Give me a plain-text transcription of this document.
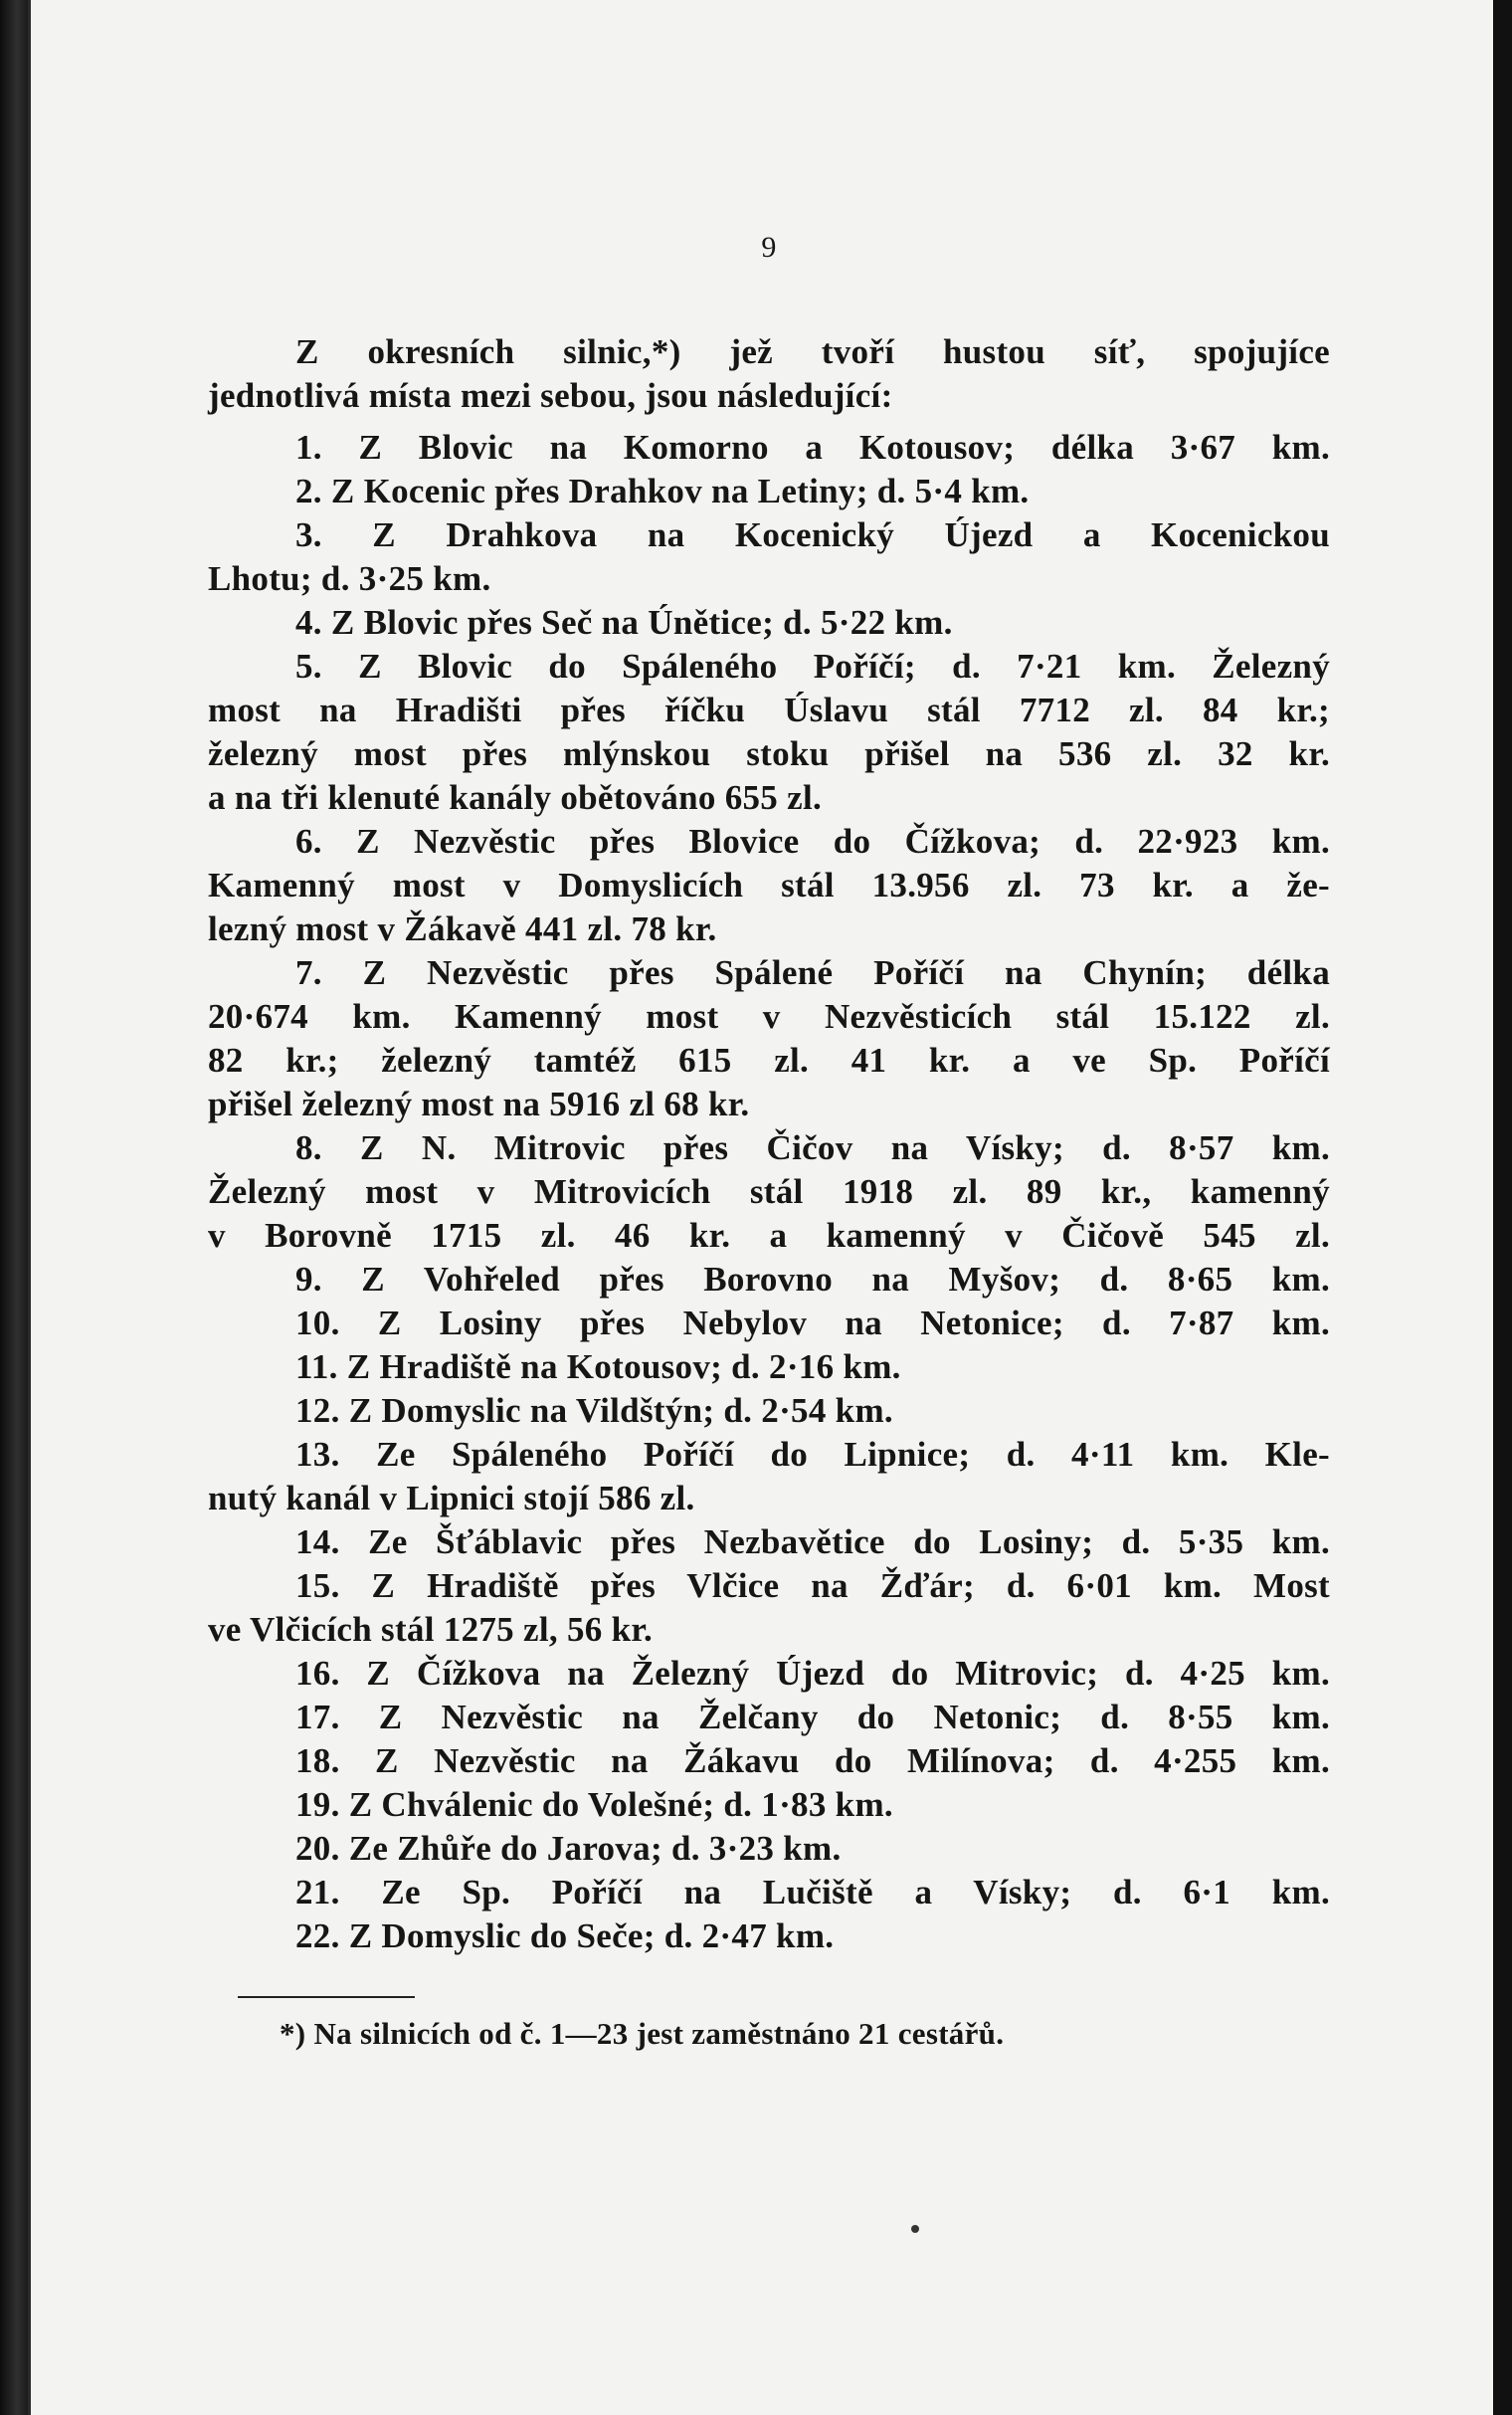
9
Z okresních silnic,*) jež tvoří hustou síť, spojujíce
jednotlivá místa mezi sebou, jsou následující:
1. Z Blovic na Komorno a Kotousov; délka 3·67 km.
2. Z Kocenic přes Drahkov na Letiny; d. 5·4 km.
3. Z Drahkova na Kocenický Újezd a Kocenickou
Lhotu; d. 3·25 km.
4. Z Blovic přes Seč na Únětice; d. 5·22 km.
5. Z Blovic do Spáleného Poříčí; d. 7·21 km. Železný
most na Hradišti přes říčku Úslavu stál 7712 zl. 84 kr.;
železný most přes mlýnskou stoku přišel na 536 zl. 32 kr.
a na tři klenuté kanály obětováno 655 zl.
6. Z Nezvěstic přes Blovice do Čížkova; d. 22·923 km.
Kamenný most v Domyslicích stál 13.956 zl. 73 kr. a že-
lezný most v Žákavě 441 zl. 78 kr.
7. Z Nezvěstic přes Spálené Poříčí na Chynín; délka
20·674 km. Kamenný most v Nezvěsticích stál 15.122 zl.
82 kr.; železný tamtéž 615 zl. 41 kr. a ve Sp. Poříčí
přišel železný most na 5916 zl 68 kr.
8. Z N. Mitrovic přes Čičov na Vísky; d. 8·57 km.
Železný most v Mitrovicích stál 1918 zl. 89 kr., kamenný
v Borovně 1715 zl. 46 kr. a kamenný v Čičově 545 zl.
9. Z Vohřeled přes Borovno na Myšov; d. 8·65 km.
10. Z Losiny přes Nebylov na Netonice; d. 7·87 km.
11. Z Hradiště na Kotousov; d. 2·16 km.
12. Z Domyslic na Vildštýn; d. 2·54 km.
13. Ze Spáleného Poříčí do Lipnice; d. 4·11 km. Kle-
nutý kanál v Lipnici stojí 586 zl.
14. Ze Šťáblavic přes Nezbavětice do Losiny; d. 5·35 km.
15. Z Hradiště přes Vlčice na Žďár; d. 6·01 km. Most
ve Vlčicích stál 1275 zl, 56 kr.
16. Z Čížkova na Železný Újezd do Mitrovic; d. 4·25 km.
17. Z Nezvěstic na Želčany do Netonic; d. 8·55 km.
18. Z Nezvěstic na Žákavu do Milínova; d. 4·255 km.
19. Z Chválenic do Volešné; d. 1·83 km.
20. Ze Zhůře do Jarova; d. 3·23 km.
21. Ze Sp. Poříčí na Lučiště a Vísky; d. 6·1 km.
22. Z Domyslic do Seče; d. 2·47 km.
*) Na silnicích od č. 1—23 jest zaměstnáno 21 cestářů.
